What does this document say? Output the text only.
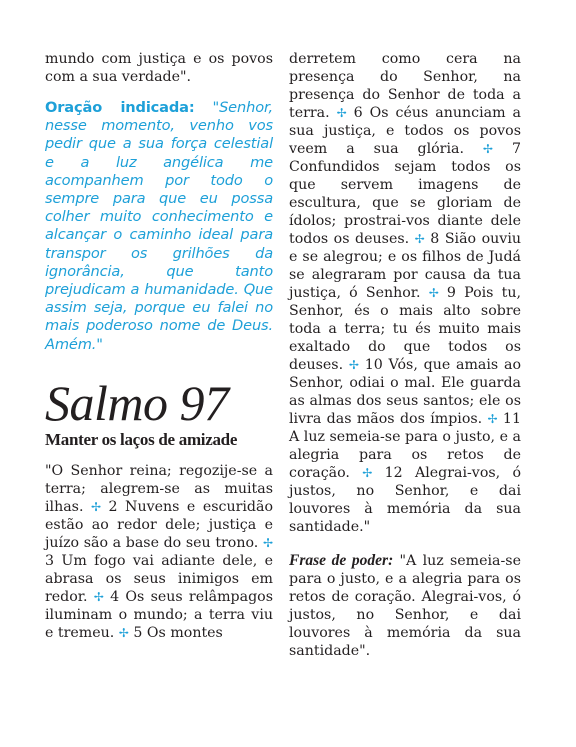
mundo com justiça e os povos com a sua verdade".

Oração indicada: "Senhor, nesse momento, venho vos pedir que a sua força celestial e a luz angélica me acompanhem por todo o sempre para que eu possa colher muito conhecimento e alcançar o caminho ideal para transpor os grilhões da ignorância, que tanto prejudicam a humanidade. Que assim seja, porque eu falei no mais poderoso nome de Deus. Amém."
Salmo 97
Manter os laços de amizade

"O Senhor reina; regozije-se a terra; alegrem-se as muitas ilhas. ✢ 2 Nuvens e escuridão estão ao redor dele; justiça e juízo são a base do seu trono. ✢ 3 Um fogo vai adiante dele, e abrasa os seus inimigos em redor. ✢ 4 Os seus relâmpagos iluminam o mundo; a terra viu e tremeu. ✢ 5 Os montes

derretem como cera na presença do Senhor, na presença do Senhor de toda a terra. ✢ 6 Os céus anunciam a sua justiça, e todos os povos veem a sua glória. ✢ 7 Confundidos sejam todos os que servem imagens de escultura, que se gloriam de ídolos; prostrai-vos diante dele todos os deuses. ✢ 8 Sião ouviu e se alegrou; e os filhos de Judá se alegraram por causa da tua justiça, ó Senhor. ✢ 9 Pois tu, Senhor, és o mais alto sobre toda a terra; tu és muito mais exaltado do que todos os deuses. ✢ 10 Vós, que amais ao Senhor, odiai o mal. Ele guarda as almas dos seus santos; ele os livra das mãos dos ímpios. ✢ 11 A luz semeia-se para o justo, e a alegria para os retos de coração. ✢ 12 Alegrai-vos, ó justos, no Senhor, e dai louvores à memória da sua santidade."

Frase de poder: "A luz semeia-se para o justo, e a alegria para os retos de coração. Alegrai-vos, ó justos, no Senhor, e dai louvores à memória da sua santidade".
